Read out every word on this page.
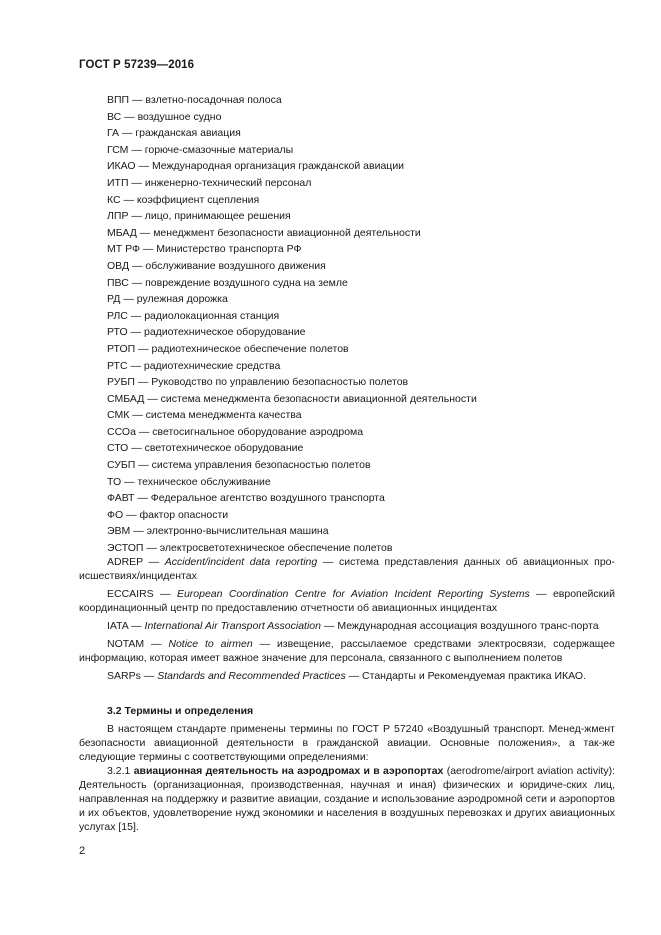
ГОСТ Р 57239—2016
ВПП — взлетно-посадочная полоса
ВС — воздушное судно
ГА — гражданская авиация
ГСМ — горюче-смазочные материалы
ИКАО — Международная организация гражданской авиации
ИТП — инженерно-технический персонал
КС — коэффициент сцепления
ЛПР — лицо, принимающее решения
МБАД — менеджмент безопасности авиационной деятельности
МТ РФ — Министерство транспорта РФ
ОВД — обслуживание воздушного движения
ПВС — повреждение воздушного судна на земле
РД — рулежная дорожка
РЛС — радиолокационная станция
РТО — радиотехническое оборудование
РТОП — радиотехническое обеспечение полетов
РТС — радиотехнические средства
РУБП — Руководство по управлению безопасностью полетов
СМБАД — система менеджмента безопасности авиационной деятельности
СМК — система менеджмента качества
ССОа — светосигнальное оборудование аэродрома
СТО — светотехническое оборудование
СУБП — система управления безопасностью полетов
ТО — техническое обслуживание
ФАВТ — Федеральное агентство воздушного транспорта
ФО — фактор опасности
ЭВМ — электронно-вычислительная машина
ЭСТОП — электросветотехническое обеспечение полетов
ADREP — Accident/incident data reporting — система представления данных об авиационных про-исшествиях/инцидентах
ECCAIRS — European Coordination Centre for Aviation Incident Reporting Systems — европейский координационный центр по предоставлению отчетности об авиационных инцидентах
IATA — International Air Transport Association — Международная ассоциация воздушного транс-порта
NOTAM — Notice to airmen — извещение, рассылаемое средствами электросвязи, содержащее информацию, которая имеет важное значение для персонала, связанного с выполнением полетов
SARPs — Standards and Recommended Practices — Стандарты и Рекомендуемая практика ИКАО.
3.2 Термины и определения
В настоящем стандарте применены термины по ГОСТ Р 57240 «Воздушный транспорт. Менед-жмент безопасности авиационной деятельности в гражданской авиации. Основные положения», а так-же следующие термины с соответствующими определениями:
3.2.1 авиационная деятельность на аэродромах и в аэропортах (aerodrome/airport aviation activity): Деятельность (организационная, производственная, научная и иная) физических и юридиче-ских лиц, направленная на поддержку и развитие авиации, создание и использование аэродромной сети и аэропортов и их объектов, удовлетворение нужд экономики и населения в воздушных перевозках и других авиационных услугах [15].
2
